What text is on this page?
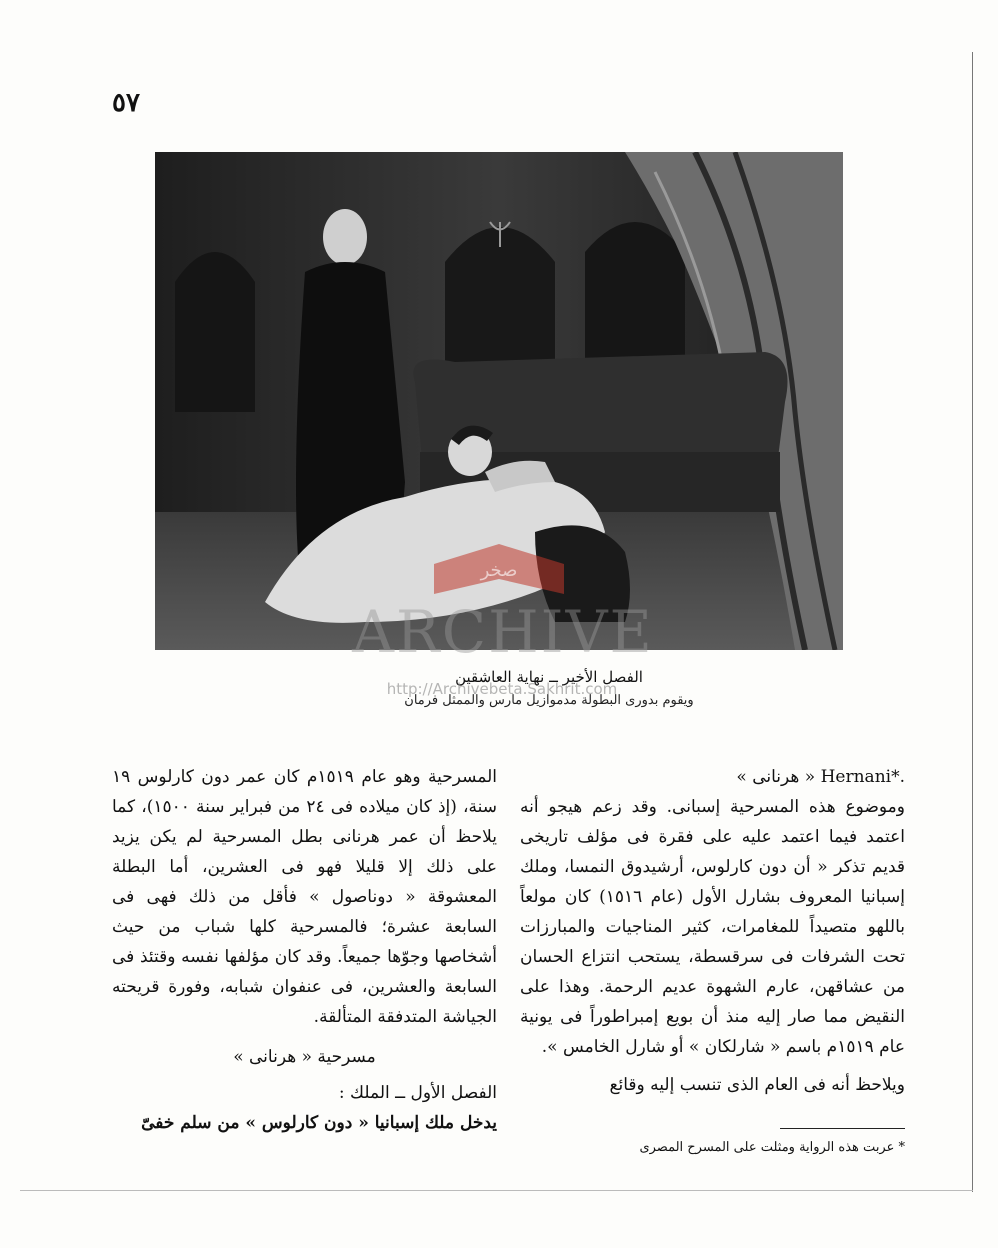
٥٧
صخر
ARCHIVE
الفصل الأخير ــ نهاية العاشقين
http://Archivebeta.Sakhrit.com
ويقوم بدورى البطولة مدموازيل مارس والممثل فرمان

« هرنانى » Hernani*.

وموضوع هذه المسرحية إسبانى. وقد زعم هيجو أنه اعتمد فيما اعتمد عليه على فقرة فى مؤلف تاريخى قديم تذكر « أن دون كارلوس، أرشيدوق النمسا، وملك إسبانيا المعروف بشارل الأول (عام ١٥١٦) كان مولعاً باللهو متصيداً للمغامرات، كثير المناجيات والمبارزات تحت الشرفات فى سرقسطة، يستحب انتزاع الحسان من عشاقهن، عارم الشهوة عديم الرحمة. وهذا على النقيض مما صار إليه منذ أن بويع إمبراطوراً فى يونية عام ١٥١٩م باسم « شارلكان » أو شارل الخامس ».

ويلاحظ أنه فى العام الذى تنسب إليه وقائع

المسرحية وهو عام ١٥١٩م كان عمر دون كارلوس ١٩ سنة، (إذ كان ميلاده فى ٢٤ من فبراير سنة ١٥٠٠)، كما يلاحظ أن عمر هرنانى بطل المسرحية لم يكن يزيد على ذلك إلا قليلا فهو فى العشرين، أما البطلة المعشوقة « دوناصول » فأقل من ذلك فهى فى السابعة عشرة؛ فالمسرحية كلها شباب من حيث أشخاصها وجوّها جميعاً. وقد كان مؤلفها نفسه وقتئذ فى السابعة والعشرين، فى عنفوان شبابه، وفورة قريحته الجياشة المتدفقة المتألقة.

مسرحية « هرنانى »

الفصل الأول ــ الملك :

يدخل ملك إسبانيا « دون كارلوس » من سلم خفىّ

* عربت هذه الرواية ومثلت على المسرح المصرى
